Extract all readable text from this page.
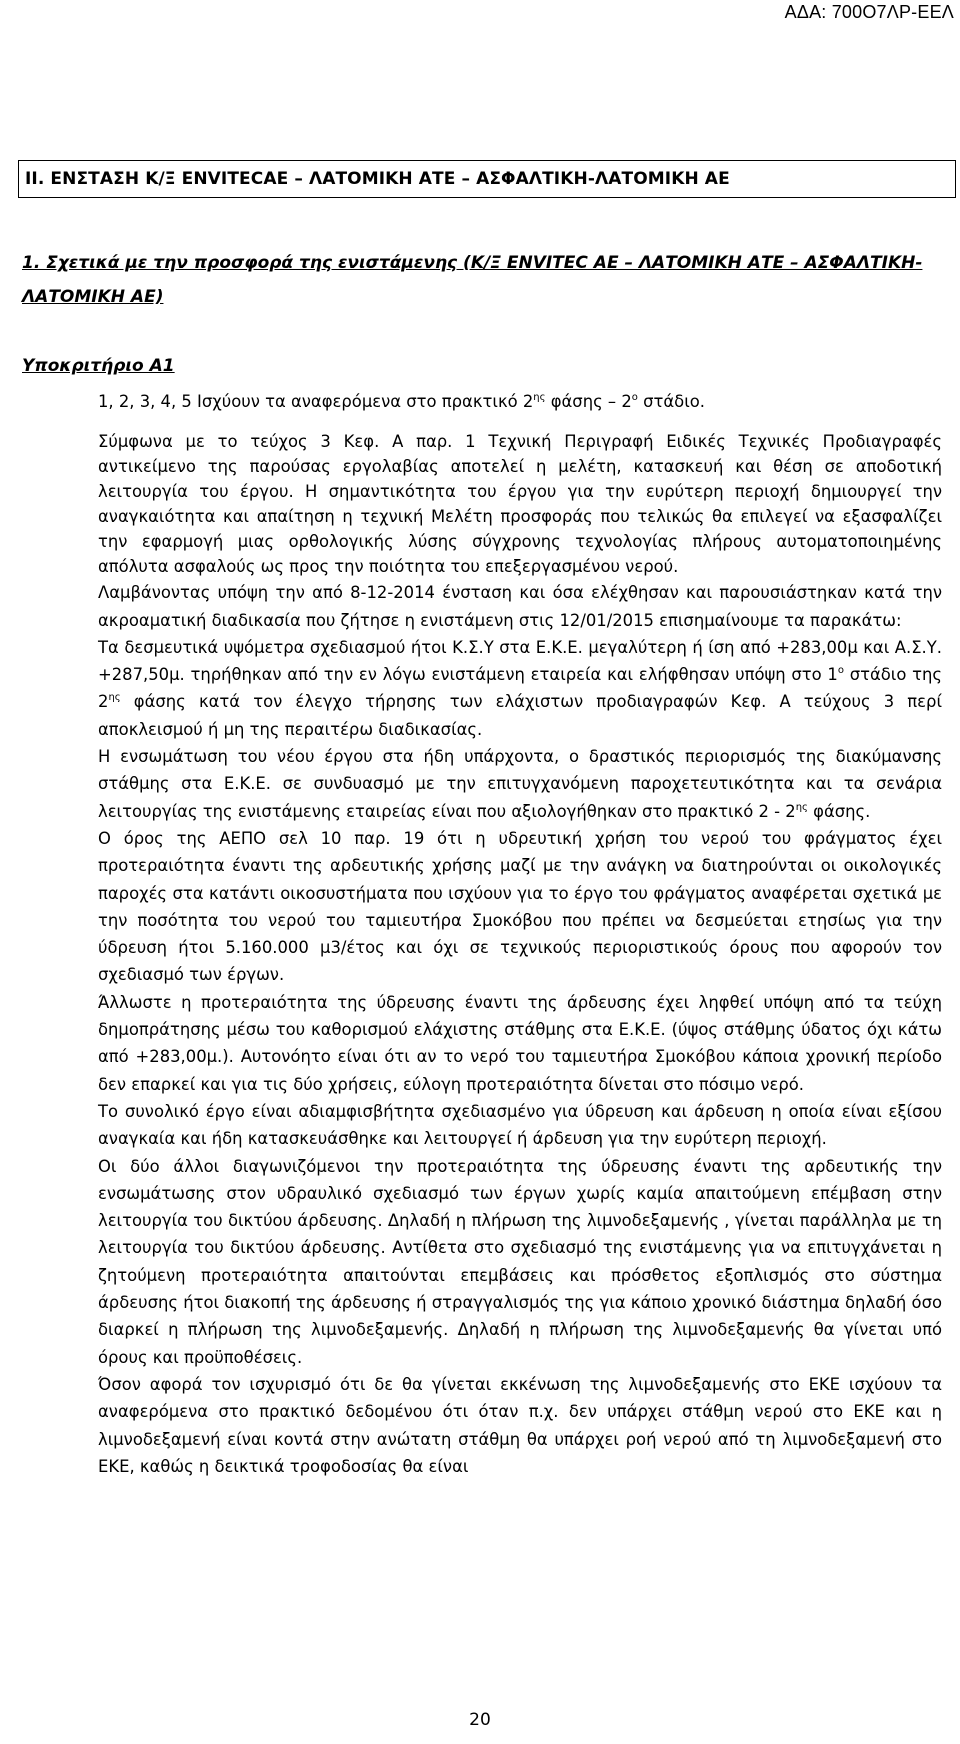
ΑΔΑ: 700Ο7ΛΡ-ΕΕΛ
ΙΙ. ΕΝΣΤΑΣΗ Κ/Ξ ENVITECAE – ΛΑΤΟΜΙΚΗ ΑΤΕ – ΑΣΦΑΛΤΙΚΗ-ΛΑΤΟΜΙΚΗ ΑΕ
1. Σχετικά με την προσφορά της ενιστάμενης (Κ/Ξ ENVITEC AE – ΛΑΤΟΜΙΚΗ ΑΤΕ – ΑΣΦΑΛΤΙΚΗ-ΛΑΤΟΜΙΚΗ ΑΕ)
Υποκριτήριο Α1

1, 2, 3, 4, 5 Ισχύουν τα αναφερόμενα στο πρακτικό $2^{\eta\varsigma}$ φάσης – $2^o$ στάδιο.

Σύμφωνα με το τεύχος 3 Κεφ. Α παρ. 1 Τεχνική Περιγραφή Ειδικές Τεχνικές Προδιαγραφές αντικείμενο της παρούσας εργολαβίας αποτελεί η μελέτη, κατασκευή και θέση σε αποδοτική λειτουργία του έργου. Η σημαντικότητα του έργου για την ευρύτερη περιοχή δημιουργεί την αναγκαιότητα και απαίτηση η τεχνική Μελέτη προσφοράς που τελικώς θα επιλεγεί να εξασφαλίζει την εφαρμογή μιας ορθολογικής λύσης σύγχρονης τεχνολογίας πλήρους αυτοματοποιημένης απόλυτα ασφαλούς ως προς την ποιότητα του επεξεργασμένου νερού.

Λαμβάνοντας υπόψη την από 8-12-2014 ένσταση και όσα ελέχθησαν και παρουσιάστηκαν κατά την ακροαματική διαδικασία που ζήτησε η ενιστάμενη στις 12/01/2015 επισημαίνουμε τα παρακάτω:

Τα δεσμευτικά υψόμετρα σχεδιασμού ήτοι Κ.Σ.Υ στα Ε.Κ.Ε. μεγαλύτερη ή ίση από +283,00μ και Α.Σ.Υ. +287,50μ. τηρήθηκαν από την εν λόγω ενιστάμενη εταιρεία και ελήφθησαν υπόψη στο $1^o$ στάδιο της $2^{\eta\varsigma}$ φάσης κατά τον έλεγχο τήρησης των ελάχιστων προδιαγραφών Κεφ. Α τεύχους 3 περί αποκλεισμού ή μη της περαιτέρω διαδικασίας.

Η ενσωμάτωση του νέου έργου στα ήδη υπάρχοντα, ο δραστικός περιορισμός της διακύμανσης στάθμης στα Ε.Κ.Ε. σε συνδυασμό με την επιτυγχανόμενη παροχετευτικότητα και τα σενάρια λειτουργίας της ενιστάμενης εταιρείας είναι που αξιολογήθηκαν στο πρακτικό $2 - 2^{\eta\varsigma}$ φάσης.

Ο όρος της ΑΕΠΟ σελ 10 παρ. 19 ότι η υδρευτική χρήση του νερού του φράγματος έχει προτεραιότητα έναντι της αρδευτικής χρήσης μαζί με την ανάγκη να διατηρούνται οι οικολογικές παροχές στα κατάντι οικοσυστήματα που ισχύουν για το έργο του φράγματος αναφέρεται σχετικά με την ποσότητα του νερού του ταμιευτήρα Σμοκόβου που πρέπει να δεσμεύεται ετησίως για την ύδρευση ήτοι 5.160.000 μ3/έτος και όχι σε τεχνικούς περιοριστικούς όρους που αφορούν τον σχεδιασμό των έργων.

Άλλωστε η προτεραιότητα της ύδρευσης έναντι της άρδευσης έχει ληφθεί υπόψη από τα τεύχη δημοπράτησης μέσω του καθορισμού ελάχιστης στάθμης στα Ε.Κ.Ε. (ύψος στάθμης ύδατος όχι κάτω από +283,00μ.). Αυτονόητο είναι ότι αν το νερό του ταμιευτήρα Σμοκόβου κάποια χρονική περίοδο δεν επαρκεί και για τις δύο χρήσεις, εύλογη προτεραιότητα δίνεται στο πόσιμο νερό.

Το συνολικό έργο είναι αδιαμφισβήτητα σχεδιασμένο για ύδρευση και άρδευση η οποία είναι εξίσου αναγκαία και ήδη κατασκευάσθηκε και λειτουργεί ή άρδευση για την ευρύτερη περιοχή.

Οι δύο άλλοι διαγωνιζόμενοι την προτεραιότητα της ύδρευσης έναντι της αρδευτικής την ενσωμάτωσης στον υδραυλικό σχεδιασμό των έργων χωρίς καμία απαιτούμενη επέμβαση στην λειτουργία του δικτύου άρδευσης. Δηλαδή η πλήρωση της λιμνοδεξαμενής , γίνεται παράλληλα με τη λειτουργία του δικτύου άρδευσης. Αντίθετα στο σχεδιασμό της ενιστάμενης για να επιτυγχάνεται η ζητούμενη προτεραιότητα απαιτούνται επεμβάσεις και πρόσθετος εξοπλισμός στο σύστημα άρδευσης ήτοι διακοπή της άρδευσης ή στραγγαλισμός της για κάποιο χρονικό διάστημα δηλαδή όσο διαρκεί η πλήρωση της λιμνοδεξαμενής. Δηλαδή η πλήρωση της λιμνοδεξαμενής θα γίνεται υπό όρους και προϋποθέσεις.

Όσον αφορά τον ισχυρισμό ότι δε θα γίνεται εκκένωση της λιμνοδεξαμενής στο ΕΚΕ ισχύουν τα αναφερόμενα στο πρακτικό δεδομένου ότι όταν π.χ. δεν υπάρχει στάθμη νερού στο ΕΚΕ και η λιμνοδεξαμενή είναι κοντά στην ανώτατη στάθμη θα υπάρχει ροή νερού από τη λιμνοδεξαμενή στο ΕΚΕ, καθώς η δεικτικά τροφοδοσίας θα είναι

20
